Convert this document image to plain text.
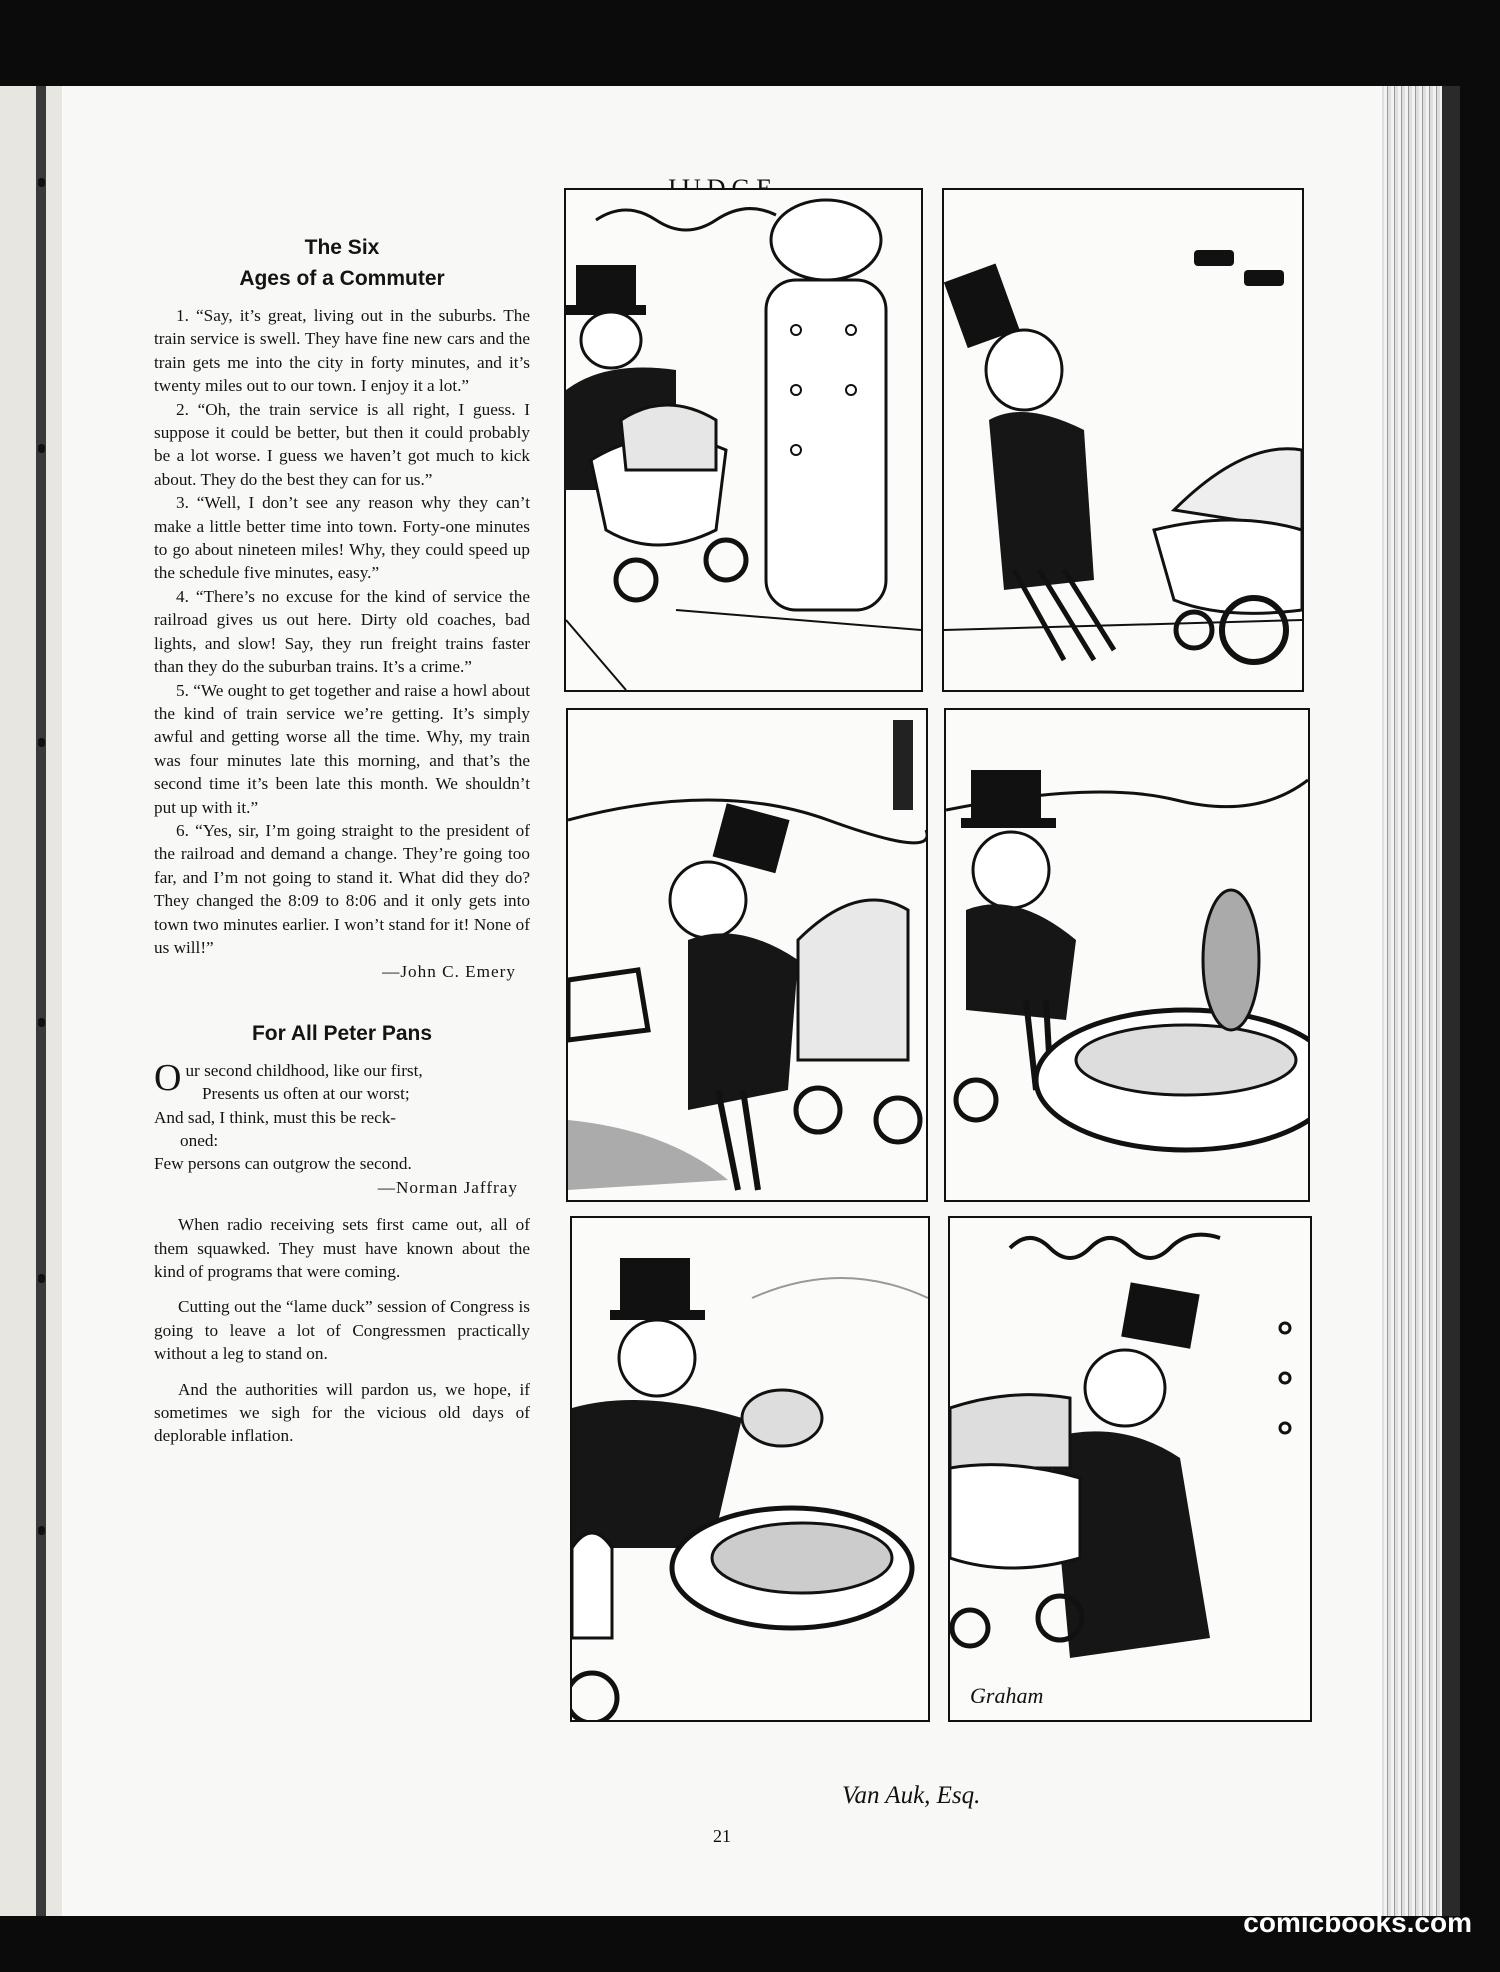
The Six
Ages of a Commuter

1. “Say, it’s great, living out in the suburbs. The train service is swell. They have fine new cars and the train gets me into the city in forty minutes, and it’s twenty miles out to our town. I enjoy it a lot.”

2. “Oh, the train service is all right, I guess. I suppose it could be better, but then it could probably be a lot worse. I guess we haven’t got much to kick about. They do the best they can for us.”

3. “Well, I don’t see any reason why they can’t make a little better time into town. Forty-one minutes to go about nineteen miles! Why, they could speed up the schedule five minutes, easy.”

4. “There’s no excuse for the kind of service the railroad gives us out here. Dirty old coaches, bad lights, and slow! Say, they run freight trains faster than they do the suburban trains. It’s a crime.”

5. “We ought to get together and raise a howl about the kind of train service we’re getting. It’s simply awful and getting worse all the time. Why, my train was four minutes late this morning, and that’s the second time it’s been late this month. We shouldn’t put up with it.”

6. “Yes, sir, I’m going straight to the president of the railroad and demand a change. They’re going too far, and I’m not going to stand it. What did they do? They changed the 8:09 to 8:06 and it only gets into town two minutes earlier. I won’t stand for it! None of us will!”

—John C. Emery
For All Peter Pans
Our second childhood, like our first,
Presents us often at our worst;
And sad, I think, must this be reck-
oned:
Few persons can outgrow the second.
—Norman Jaffray

When radio receiving sets first came out, all of them squawked. They must have known about the kind of programs that were coming.

Cutting out the “lame duck” session of Congress is going to leave a lot of Congressmen practically without a leg to stand on.

And the authorities will pardon us, we hope, if sometimes we sigh for the vicious old days of deplorable inflation.

Graham
Van Auk, Esq.
21
comicbooks.com
